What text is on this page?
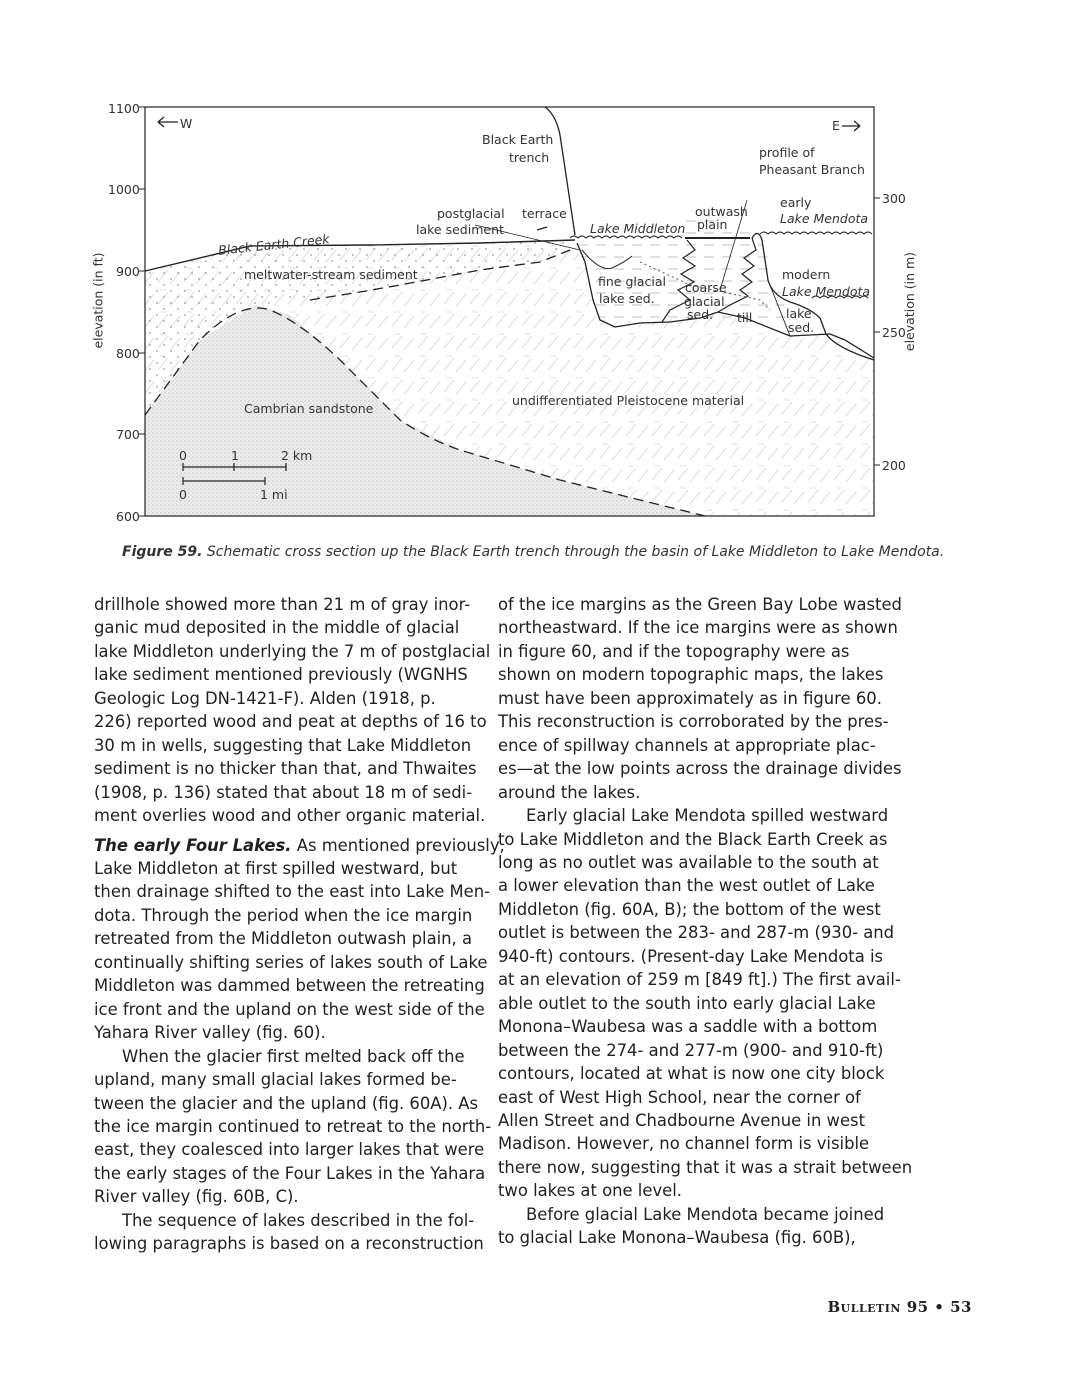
1100
1000
900
800
700
600
300
250
200
elevation (in ft)	elevation (in m)
W	E
Black Earth
trench	profile of
Pheasant Branch
postglacial
lake sediment
terrace	outwash
plain
early
Lake Mendota
Lake Middleton
Black Earth Creek
meltwater-stream sediment	fine glacial
lake sed.
coarse
glacial
sed. till
modern
Lake Mendota
lake
sed.
Cambrian sandstone
undifferentiated Pleistocene material
0	1	2 km
0	1 mi
Figure 59. Schematic cross section up the Black Earth trench through the basin of Lake Middleton to Lake Mendota.
drillhole showed more than 21 m of gray inor-
ganic mud deposited in the middle of glacial
lake Middleton underlying the 7 m of postglacial
lake sediment mentioned previously (WGNHS
Geologic Log DN-1421-F). Alden (1918, p.
226) reported wood and peat at depths of 16 to
30 m in wells, suggesting that Lake Middleton
sediment is no thicker than that, and Thwaites
(1908, p. 136) stated that about 18 m of sedi-
ment overlies wood and other organic material.
The early Four Lakes. As mentioned previously,
Lake Middleton at first spilled westward, but
then drainage shifted to the east into Lake Men-
dota. Through the period when the ice margin
retreated from the Middleton outwash plain, a
continually shifting series of lakes south of Lake
Middleton was dammed between the retreating
ice front and the upland on the west side of the
Yahara River valley (fig. 60).
When the glacier first melted back off the
upland, many small glacial lakes formed be-
tween the glacier and the upland (fig. 60A). As
the ice margin continued to retreat to the north-
east, they coalesced into larger lakes that were
the early stages of the Four Lakes in the Yahara
River valley (fig. 60B, C).
The sequence of lakes described in the fol-
lowing paragraphs is based on a reconstruction
of the ice margins as the Green Bay Lobe wasted
northeastward. If the ice margins were as shown
in figure 60, and if the topography were as
shown on modern topographic maps, the lakes
must have been approximately as in figure 60.
This reconstruction is corroborated by the pres-
ence of spillway channels at appropriate plac-
es—at the low points across the drainage divides
around the lakes.
Early glacial Lake Mendota spilled westward
to Lake Middleton and the Black Earth Creek as
long as no outlet was available to the south at
a lower elevation than the west outlet of Lake
Middleton (fig. 60A, B); the bottom of the west
outlet is between the 283- and 287-m (930- and
940-ft) contours. (Present-day Lake Mendota is
at an elevation of 259 m [849 ft].) The first avail-
able outlet to the south into early glacial Lake
Monona–Waubesa was a saddle with a bottom
between the 274- and 277-m (900- and 910-ft)
contours, located at what is now one city block
east of West High School, near the corner of
Allen Street and Chadbourne Avenue in west
Madison. However, no channel form is visible
there now, suggesting that it was a strait between
two lakes at one level.
Before glacial Lake Mendota became joined
to glacial Lake Monona–Waubesa (fig. 60B),
Bulletin 95 • 53
